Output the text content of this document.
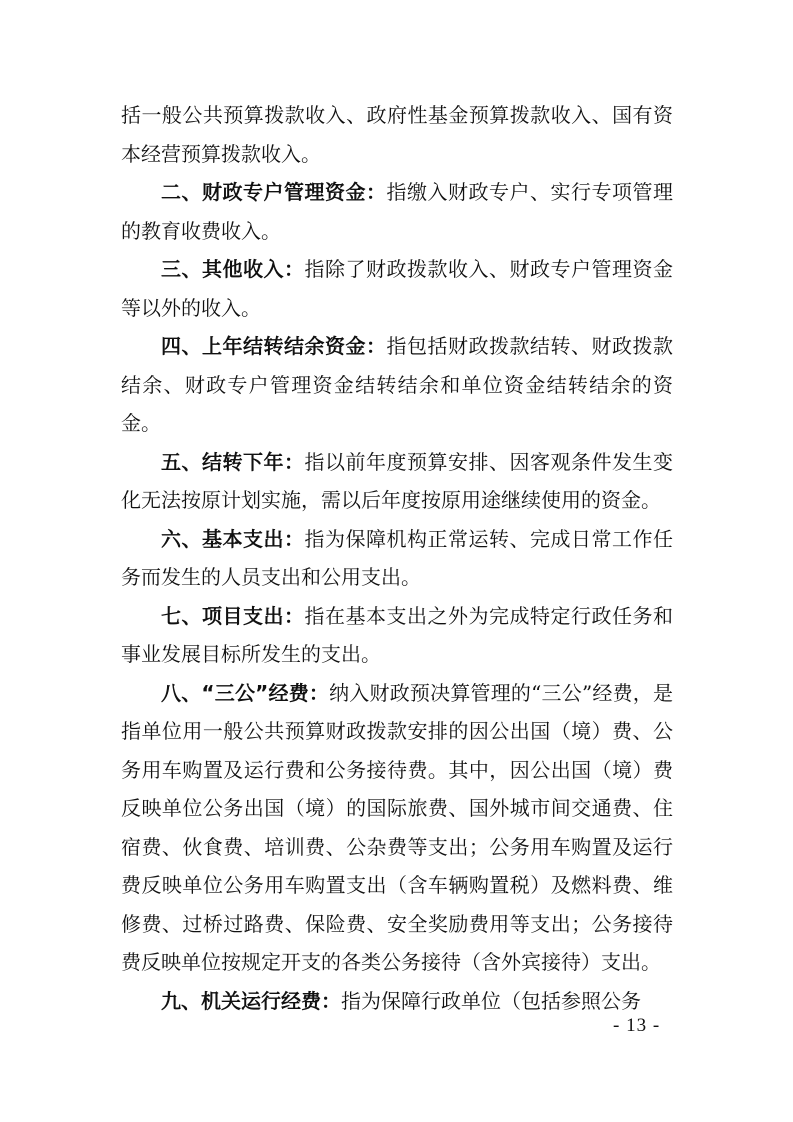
括一般公共预算拨款收入、政府性基金预算拨款收入、国有资本经营预算拨款收入。

二、财政专户管理资金：指缴入财政专户、实行专项管理的教育收费收入。

三、其他收入：指除了财政拨款收入、财政专户管理资金等以外的收入。

四、上年结转结余资金：指包括财政拨款结转、财政拨款结余、财政专户管理资金结转结余和单位资金结转结余的资金。

五、结转下年：指以前年度预算安排、因客观条件发生变化无法按原计划实施，需以后年度按原用途继续使用的资金。

六、基本支出：指为保障机构正常运转、完成日常工作任务而发生的人员支出和公用支出。

七、项目支出：指在基本支出之外为完成特定行政任务和事业发展目标所发生的支出。

八、“三公”经费：纳入财政预决算管理的“三公”经费，是指单位用一般公共预算财政拨款安排的因公出国（境）费、公务用车购置及运行费和公务接待费。其中，因公出国（境）费反映单位公务出国（境）的国际旅费、国外城市间交通费、住宿费、伙食费、培训费、公杂费等支出；公务用车购置及运行费反映单位公务用车购置支出（含车辆购置税）及燃料费、维修费、过桥过路费、保险费、安全奖励费用等支出；公务接待费反映单位按规定开支的各类公务接待（含外宾接待）支出。

九、机关运行经费：指为保障行政单位（包括参照公务

- 13 -
